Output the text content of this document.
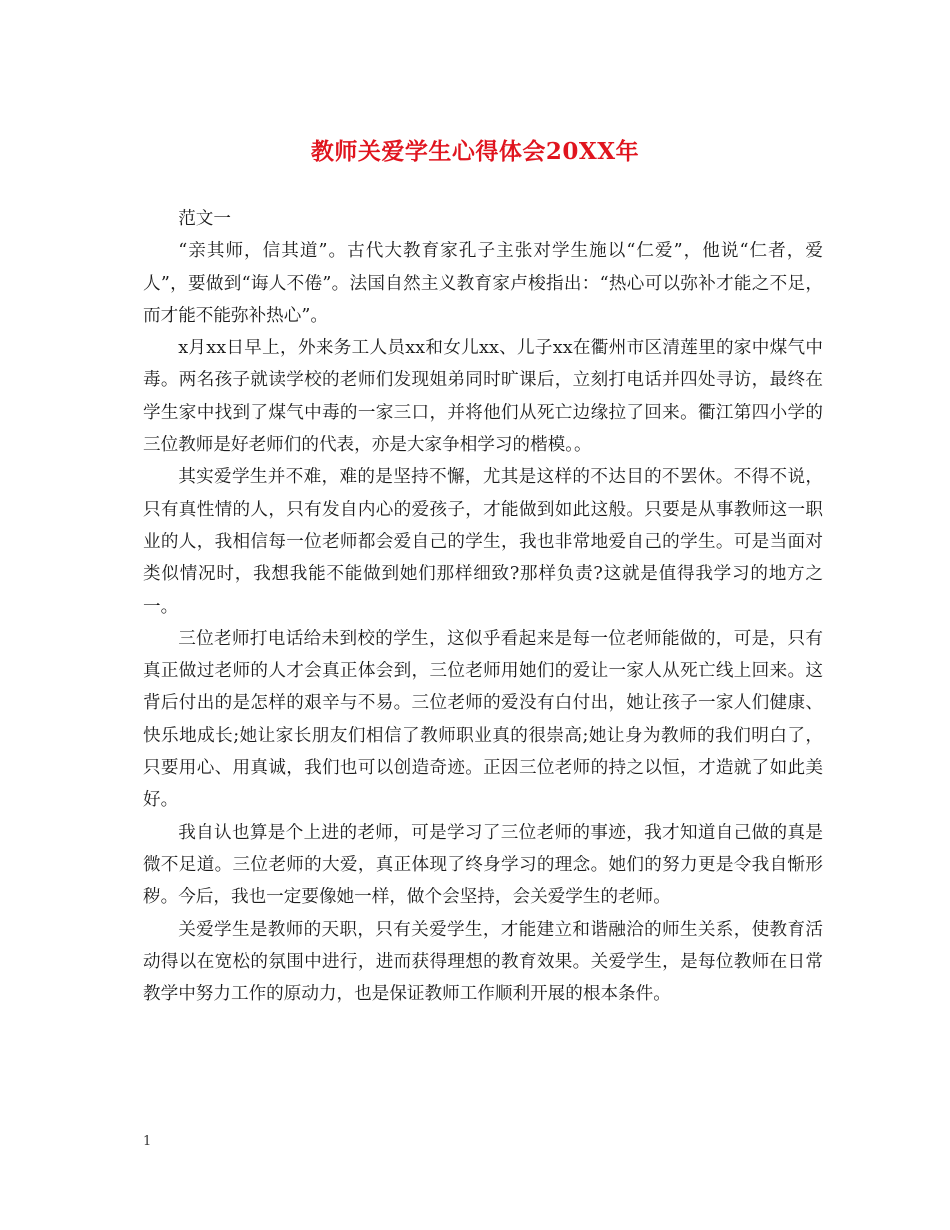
教师关爱学生心得体会20XX年

范文一

“亲其师，信其道”。古代大教育家孔子主张对学生施以“仁爱”，他说“仁者，爱人”，要做到“诲人不倦”。法国自然主义教育家卢梭指出：“热心可以弥补才能之不足，而才能不能弥补热心”。

x月xx日早上，外来务工人员xx和女儿xx、儿子xx在衢州市区清莲里的家中煤气中毒。两名孩子就读学校的老师们发现姐弟同时旷课后，立刻打电话并四处寻访，最终在学生家中找到了煤气中毒的一家三口，并将他们从死亡边缘拉了回来。衢江第四小学的三位教师是好老师们的代表，亦是大家争相学习的楷模。。

其实爱学生并不难，难的是坚持不懈，尤其是这样的不达目的不罢休。不得不说，只有真性情的人，只有发自内心的爱孩子，才能做到如此这般。只要是从事教师这一职业的人，我相信每一位老师都会爱自己的学生，我也非常地爱自己的学生。可是当面对类似情况时，我想我能不能做到她们那样细致?那样负责?这就是值得我学习的地方之一。

三位老师打电话给未到校的学生，这似乎看起来是每一位老师能做的，可是，只有真正做过老师的人才会真正体会到，三位老师用她们的爱让一家人从死亡线上回来。这背后付出的是怎样的艰辛与不易。三位老师的爱没有白付出，她让孩子一家人们健康、快乐地成长;她让家长朋友们相信了教师职业真的很崇高;她让身为教师的我们明白了，只要用心、用真诚，我们也可以创造奇迹。正因三位老师的持之以恒，才造就了如此美好。

我自认也算是个上进的老师，可是学习了三位老师的事迹，我才知道自己做的真是微不足道。三位老师的大爱，真正体现了终身学习的理念。她们的努力更是令我自惭形秽。今后，我也一定要像她一样，做个会坚持，会关爱学生的老师。

关爱学生是教师的天职，只有关爱学生，才能建立和谐融洽的师生关系，使教育活动得以在宽松的氛围中进行，进而获得理想的教育效果。关爱学生，是每位教师在日常教学中努力工作的原动力，也是保证教师工作顺利开展的根本条件。

1
